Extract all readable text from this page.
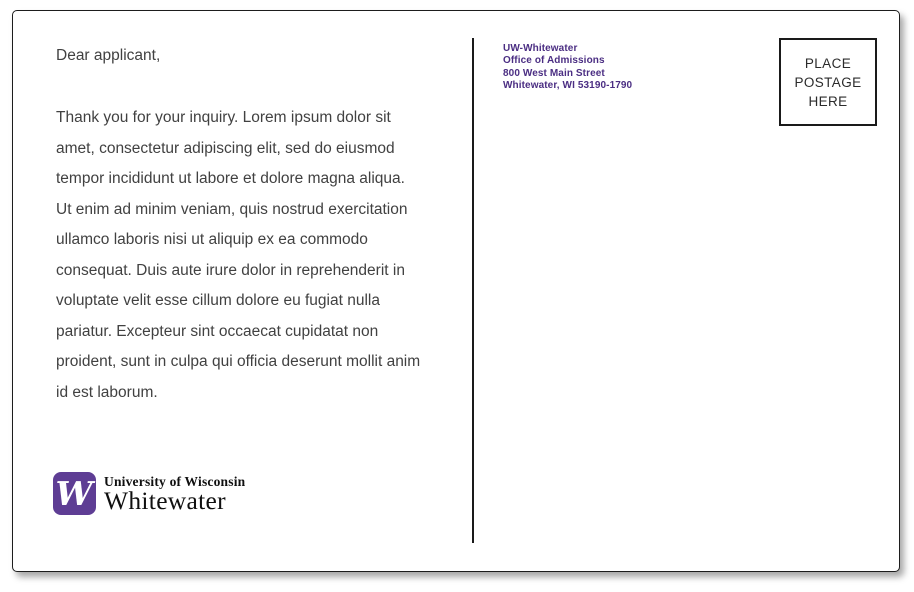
Dear applicant,
Thank you for your inquiry. Lorem ipsum dolor sit amet, consectetur adipiscing elit, sed do eiusmod tempor incididunt ut labore et dolore magna aliqua. Ut enim ad minim veniam, quis nostrud exercitation ullamco laboris nisi ut aliquip ex ea commodo consequat. Duis aute irure dolor in reprehenderit in voluptate velit esse cillum dolore eu fugiat nulla pariatur. Excepteur sint occaecat cupidatat non proident, sunt in culpa qui officia deserunt mollit anim id est laborum.
UW-Whitewater
Office of Admissions
800 West Main Street
Whitewater, WI 53190-1790
PLACE
POSTAGE
HERE
W University of Wisconsin
Whitewater
